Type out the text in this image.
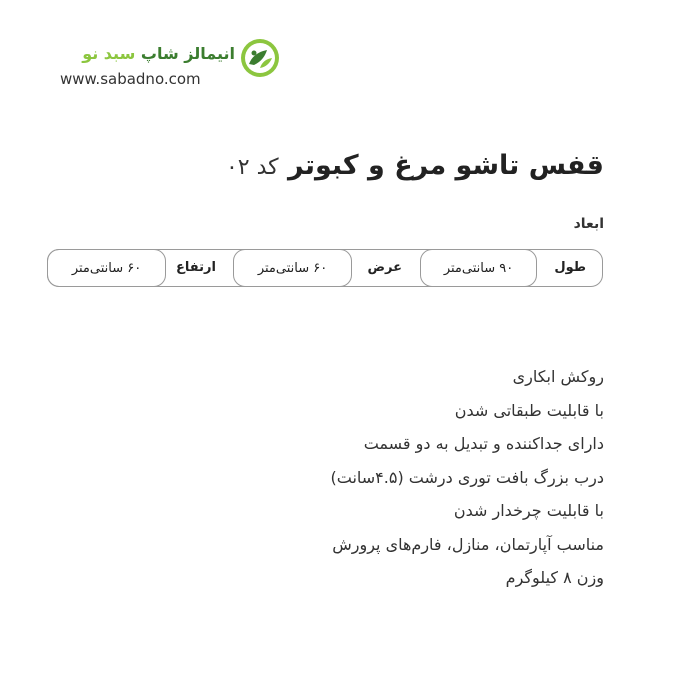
انیمالز شاپ سبد نو
www.sabadno.com
قفس تاشو مرغ و کبوتر کد ۰۲
ابعاد
طول
۹۰ سانتی‌متر
عرض
۶۰ سانتی‌متر
ارتفاع
۶۰ سانتی‌متر
روکش ابکاری
با قابلیت طبقاتی شدن
دارای جداکننده و تبدیل به دو قسمت
درب بزرگ بافت توری درشت (۴.۵سانت)
با قابلیت چرخدار شدن
مناسب آپارتمان، منازل، فارم‌های پرورش
وزن ۸ کیلوگرم
